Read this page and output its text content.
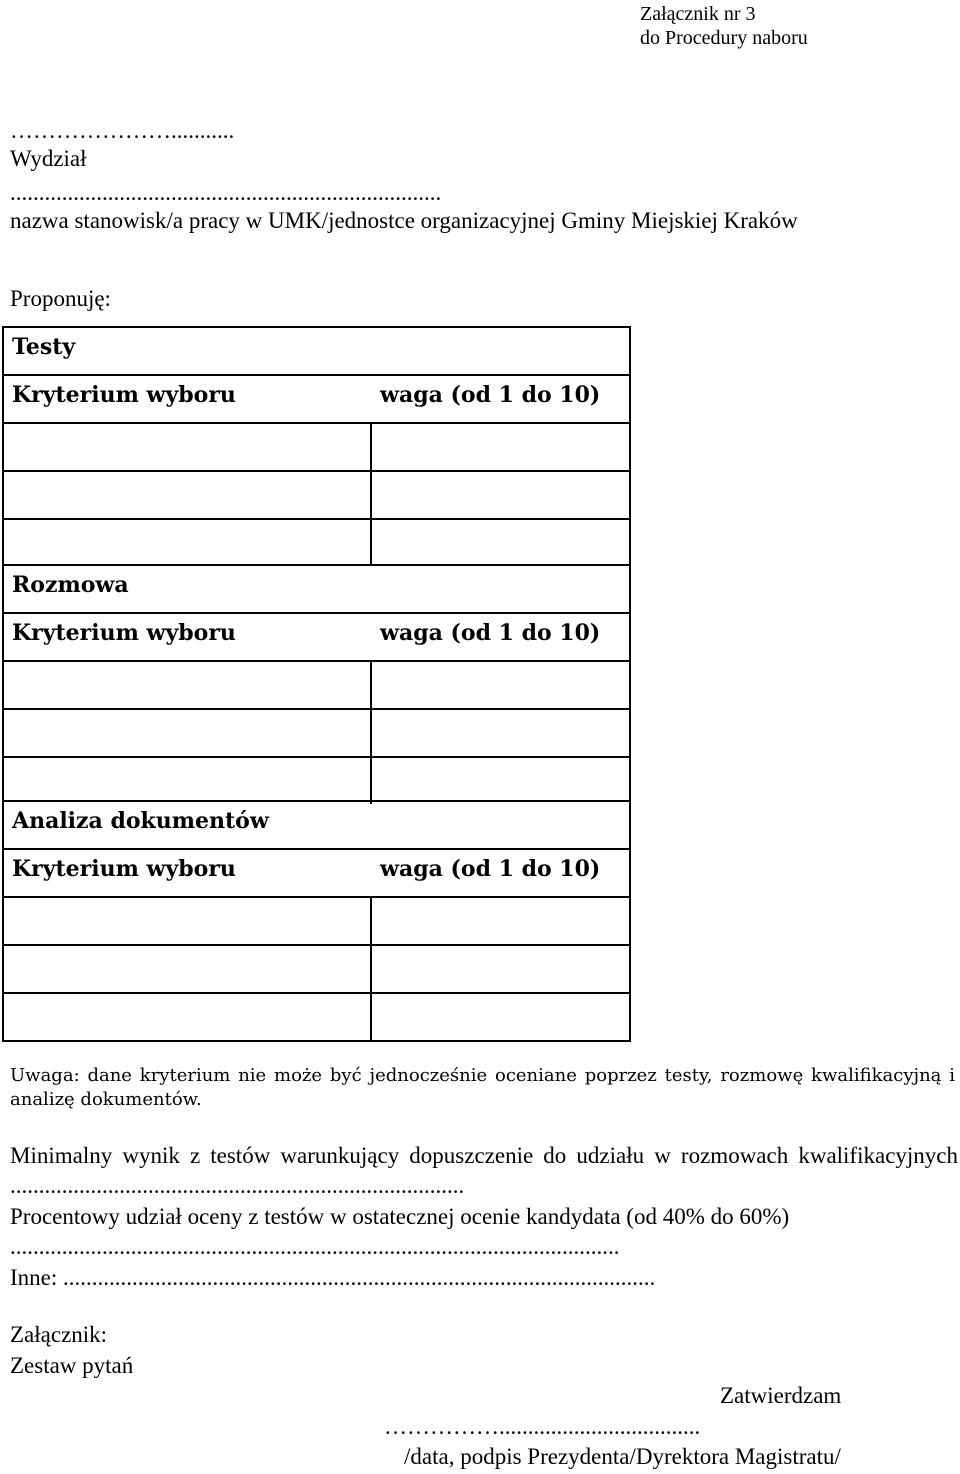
Załącznik nr 3
do Procedury naboru
…………………...........
Wydział
...........................................................................
nazwa stanowisk/a pracy w UMK/jednostce organizacyjnej Gminy Miejskiej Kraków
Proponuję:
Testy
Kryterium wyboru	waga (od 1 do 10)
Rozmowa
Kryterium wyboru	waga (od 1 do 10)
Analiza dokumentów
Kryterium wyboru	waga (od 1 do 10)
Uwaga: dane kryterium nie może być jednocześnie oceniane poprzez testy, rozmowę kwalifikacyjną i analizę dokumentów.
Minimalny wynik z testów warunkujący dopuszczenie do udziału w rozmowach kwalifikacyjnych ...............................................................................
Procentowy udział oceny z testów w ostatecznej ocenie kandydata (od 40% do 60%)
..........................................................................................................
Inne: .......................................................................................................
Załącznik:
Zestaw pytań
Zatwierdzam
……………...................................
/data, podpis Prezydenta/Dyrektora Magistratu/
